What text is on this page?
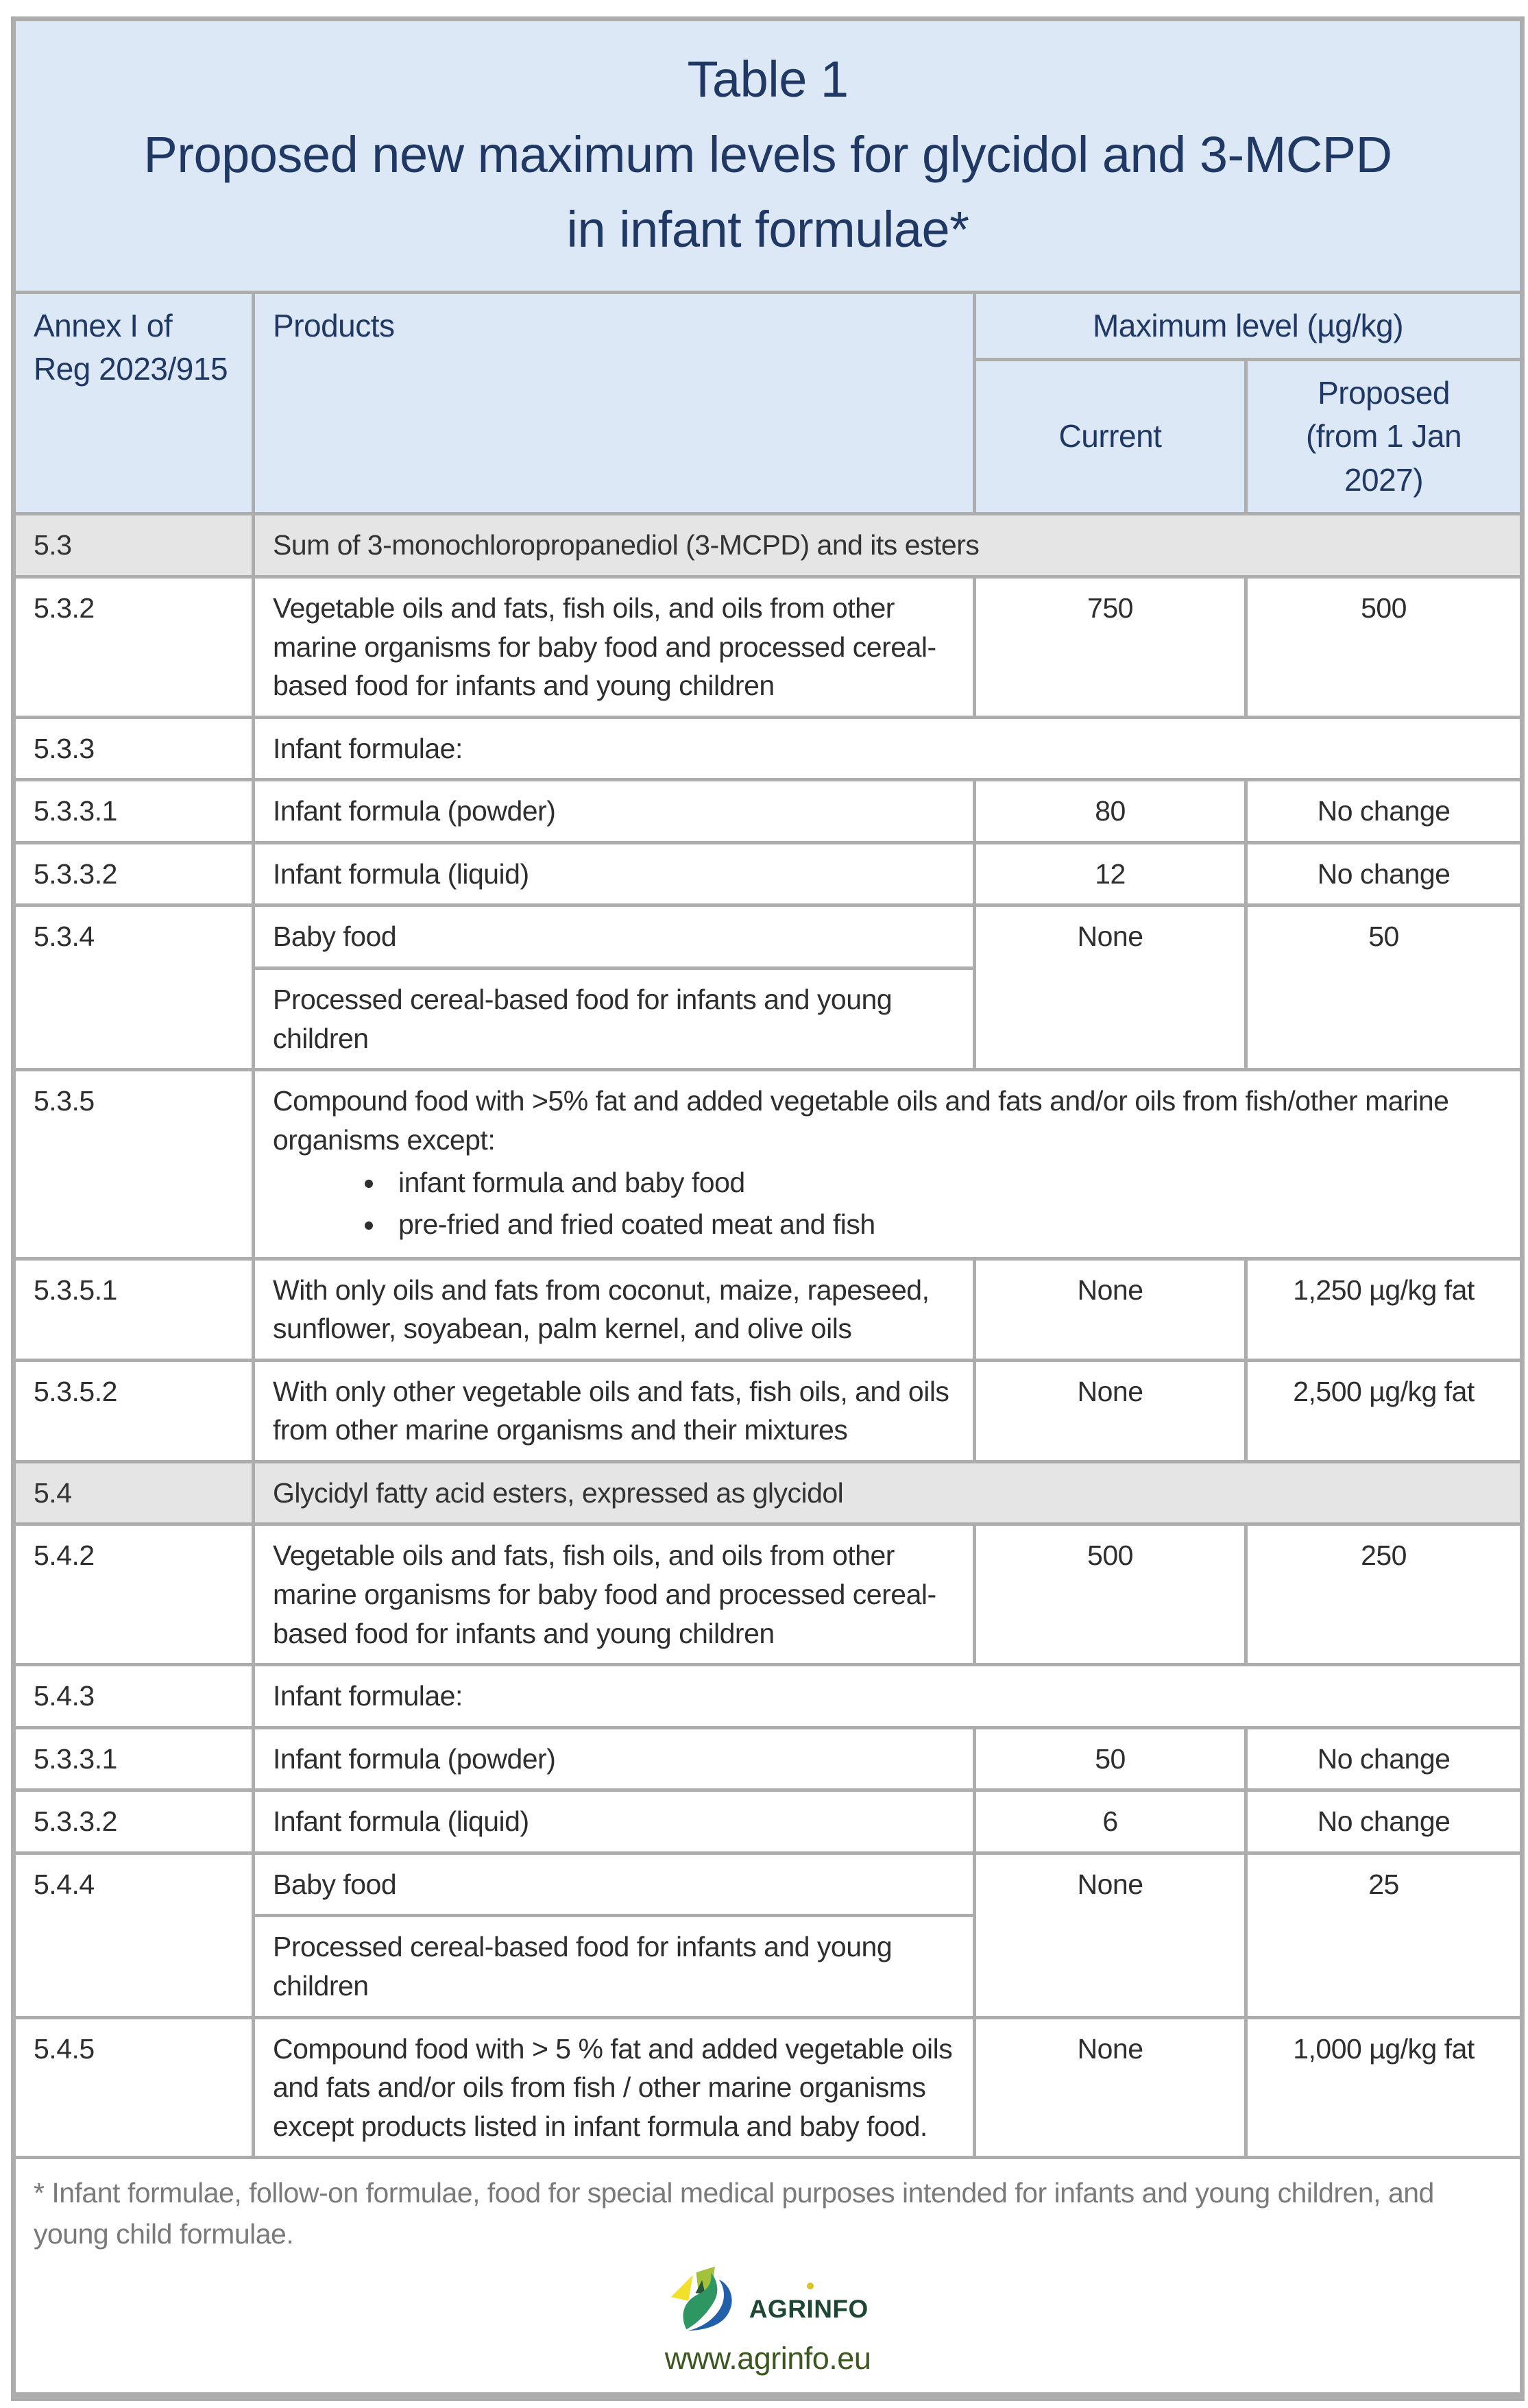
Table 1
Proposed new maximum levels for glycidol and 3-MCPD
in infant formulae*			

Annex I of Reg 2023/915	Products	Maximum level (µg/kg)	
		Current	Proposed
(from 1 Jan 2027)

5.3	Sum of 3-monochloropropanediol (3-MCPD) and its esters		
5.3.2	Vegetable oils and fats, fish oils, and oils from other marine organisms for baby food and processed cereal-based food for infants and young children	750	500
5.3.3	Infant formulae:		
5.3.3.1	Infant formula (powder)	80	No change
5.3.3.2	Infant formula (liquid)	12	No change
5.3.4	Baby food	None	50
	Processed cereal-based food for infants and young children		
5.3.5	Compound food with >5% fat and added vegetable oils and fats and/or oils from fish/other marine organisms except:
• infant formula and baby food
• pre-fried and fried coated meat and fish

5.3.5.1	With only oils and fats from coconut, maize, rapeseed, sunflower, soyabean, palm kernel, and olive oils	None	1,250 µg/kg fat
5.3.5.2	With only other vegetable oils and fats, fish oils, and oils from other marine organisms and their mixtures	None	2,500 µg/kg fat
5.4	Glycidyl fatty acid esters, expressed as glycidol		
5.4.2	Vegetable oils and fats, fish oils, and oils from other marine organisms for baby food and processed cereal-based food for infants and young children	500	250
5.4.3	Infant formulae:		
5.3.3.1	Infant formula (powder)	50	No change
5.3.3.2	Infant formula (liquid)	6	No change
5.4.4	Baby food	None	25
	Processed cereal-based food for infants and young children		
5.4.5	Compound food with > 5 % fat and added vegetable oils and fats and/or oils from fish / other marine organisms except products listed in infant formula and baby food.	None	1,000 µg/kg fat

* Infant formulae, follow-on formulae, food for special medical purposes intended for infants and young children, and young child formulae.
AGRINFO
www.agrinfo.eu			
